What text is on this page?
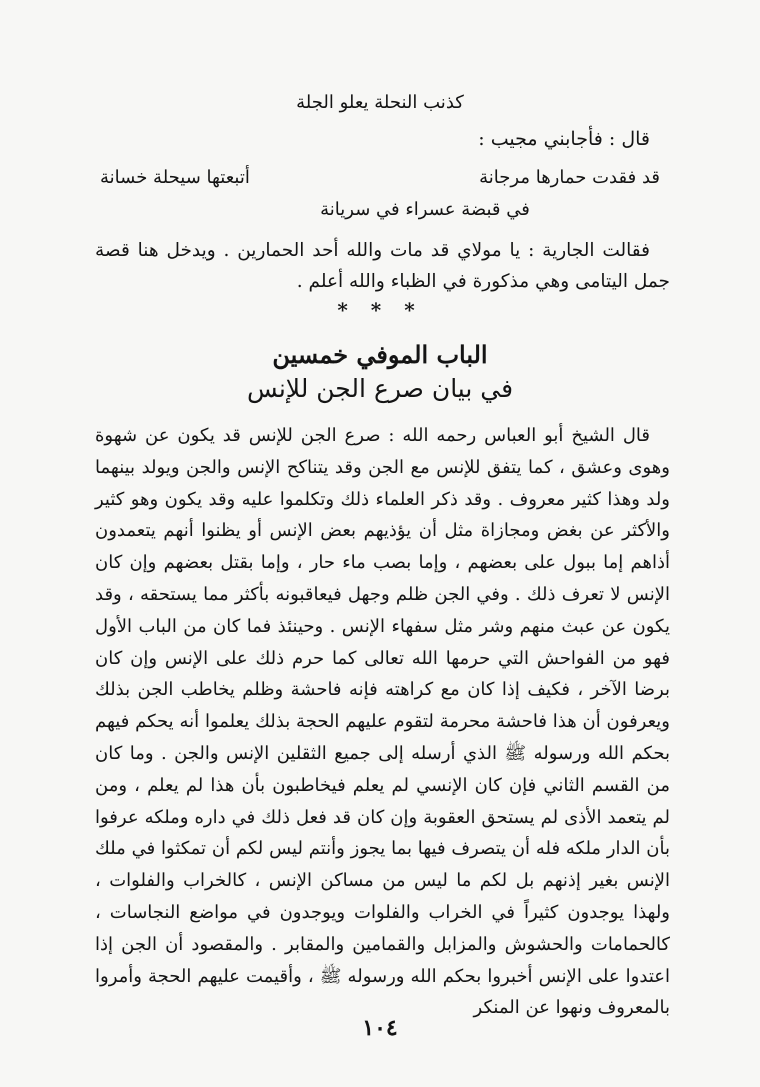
كذنب النحلة يعلو الجلة
قال : فأجابني مجيب :
قد فقدت حمارها مرجانة
أتبعتها سيحلة خسانة
في قبضة عسراء في سريانة
فقالت الجارية : يا مولاي قد مات والله أحد الحمارين . ويدخل هنا قصة جمل اليتامى وهي مذكورة في الظباء والله أعلم .
* * *
الباب الموفي خمسين
في بيان صرع الجن للإنس
قال الشيخ أبو العباس رحمه الله : صرع الجن للإنس قد يكون عن شهوة وهوى وعشق ، كما يتفق للإنس مع الجن وقد يتناكح الإنس والجن ويولد بينهما ولد وهذا كثير معروف . وقد ذكر العلماء ذلك وتكلموا عليه وقد يكون وهو كثير والأكثر عن بغض ومجازاة مثل أن يؤذيهم بعض الإنس أو يظنوا أنهم يتعمدون أذاهم إما ببول على بعضهم ، وإما بصب ماء حار ، وإما بقتل بعضهم وإن كان الإنس لا تعرف ذلك . وفي الجن ظلم وجهل فيعاقبونه بأكثر مما يستحقه ، وقد يكون عن عبث منهم وشر مثل سفهاء الإنس . وحينئذ فما كان من الباب الأول فهو من الفواحش التي حرمها الله تعالى كما حرم ذلك على الإنس وإن كان برضا الآخر ، فكيف إذا كان مع كراهته فإنه فاحشة وظلم يخاطب الجن بذلك ويعرفون أن هذا فاحشة محرمة لتقوم عليهم الحجة بذلك يعلموا أنه يحكم فيهم بحكم الله ورسوله ﷺ الذي أرسله إلى جميع الثقلين الإنس والجن . وما كان من القسم الثاني فإن كان الإنسي لم يعلم فيخاطبون بأن هذا لم يعلم ، ومن لم يتعمد الأذى لم يستحق العقوبة وإن كان قد فعل ذلك في داره وملكه عرفوا بأن الدار ملكه فله أن يتصرف فيها بما يجوز وأنتم ليس لكم أن تمكثوا في ملك الإنس بغير إذنهم بل لكم ما ليس من مساكن الإنس ، كالخراب والفلوات ، ولهذا يوجدون كثيراً في الخراب والفلوات ويوجدون في مواضع النجاسات ، كالحمامات والحشوش والمزابل والقمامين والمقابر . والمقصود أن الجن إذا اعتدوا على الإنس أخبروا بحكم الله ورسوله ﷺ ، وأقيمت عليهم الحجة وأمروا بالمعروف ونهوا عن المنكر
١٠٤
